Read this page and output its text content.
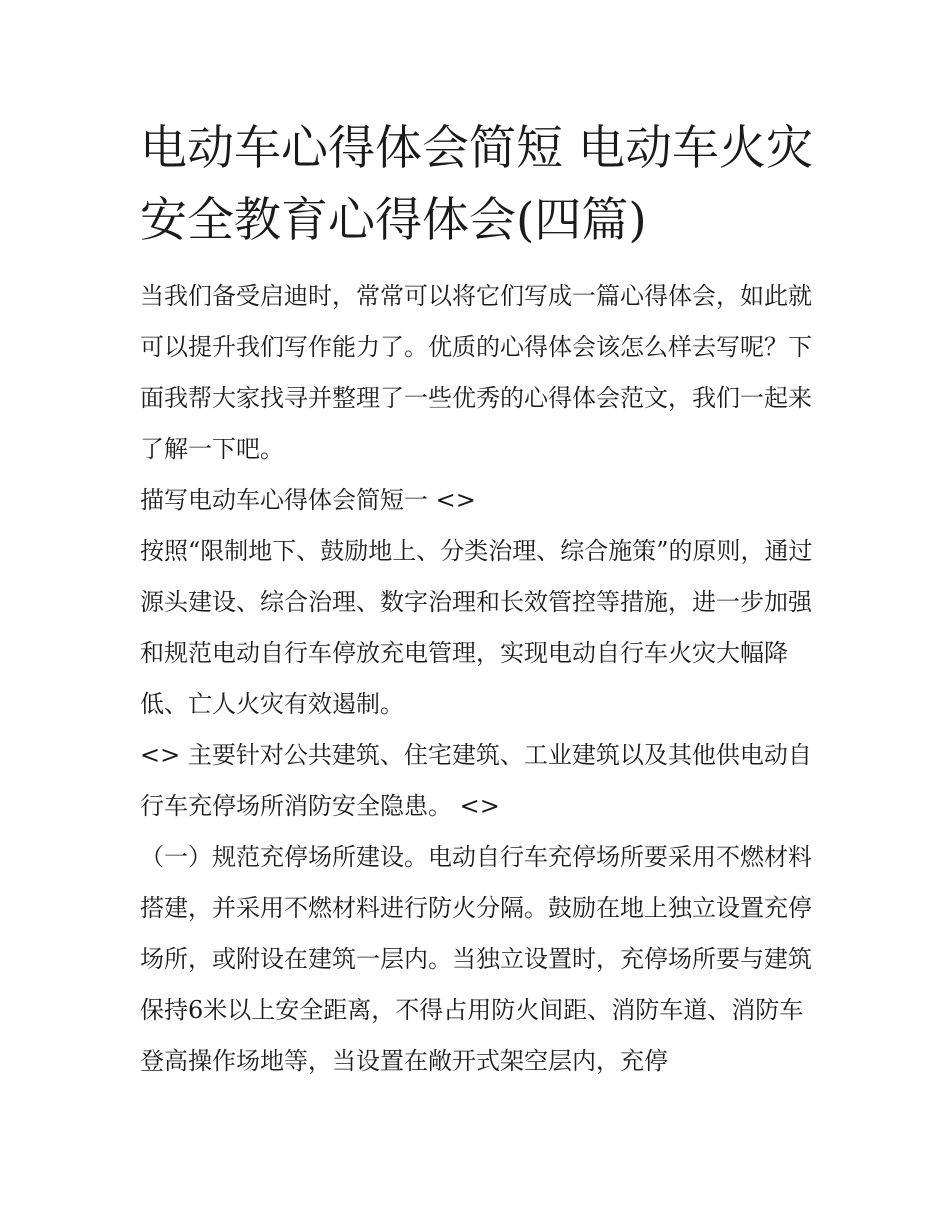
电动车心得体会简短 电动车火灾安全教育心得体会(四篇)

当我们备受启迪时，常常可以将它们写成一篇心得体会，如此就可以提升我们写作能力了。优质的心得体会该怎么样去写呢？下面我帮大家找寻并整理了一些优秀的心得体会范文，我们一起来了解一下吧。

描写电动车心得体会简短一 <>

按照“限制地下、鼓励地上、分类治理、综合施策”的原则，通过源头建设、综合治理、数字治理和长效管控等措施，进一步加强和规范电动自行车停放充电管理，实现电动自行车火灾大幅降低、亡人火灾有效遏制。

<> 主要针对公共建筑、住宅建筑、工业建筑以及其他供电动自行车充停场所消防安全隐患。 <>

（一）规范充停场所建设。电动自行车充停场所要采用不燃材料搭建，并采用不燃材料进行防火分隔。鼓励在地上独立设置充停场所，或附设在建筑一层内。当独立设置时，充停场所要与建筑保持6米以上安全距离，不得占用防火间距、消防车道、消防车登高操作场地等，当设置在敞开式架空层内，充停
